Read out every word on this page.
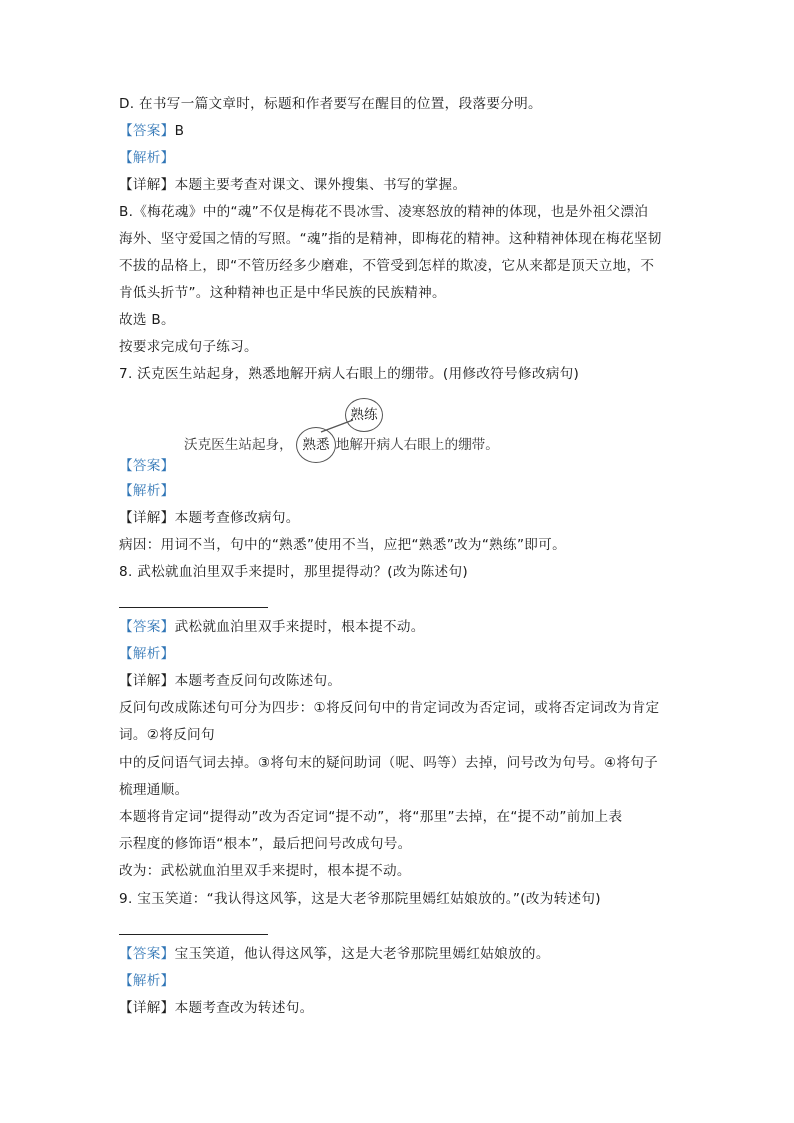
D. 在书写一篇文章时，标题和作者要写在醒目的位置，段落要分明。
【答案】B
【解析】
【详解】本题主要考查对课文、课外搜集、书写的掌握。
B.《梅花魂》中的“魂”不仅是梅花不畏冰雪、凌寒怒放的精神的体现，也是外祖父漂泊
海外、坚守爱国之情的写照。“魂”指的是精神，即梅花的精神。这种精神体现在梅花坚韧
不拔的品格上，即“不管历经多少磨难，不管受到怎样的欺凌，它从来都是顶天立地，不
肯低头折节”。这种精神也正是中华民族的民族精神。
故选 B。
按要求完成句子练习。
7. 沃克医生站起身，熟悉地解开病人右眼上的绷带。(用修改符号修改病句)
沃克医生站起身，	地解开病人右眼上的绷带。
熟悉
熟练
【答案】
【解析】
【详解】本题考查修改病句。
病因：用词不当，句中的“熟悉”使用不当，应把“熟悉”改为“熟练”即可。
8. 武松就血泊里双手来提时，那里提得动？(改为陈述句)
【答案】武松就血泊里双手来提时，根本提不动。
【解析】
【详解】本题考查反问句改陈述句。
反问句改成陈述句可分为四步：①将反问句中的肯定词改为否定词，或将否定词改为肯定
词。②将反问句
中的反问语气词去掉。③将句末的疑问助词（呢、吗等）去掉，问号改为句号。④将句子
梳理通顺。
本题将肯定词“提得动”改为否定词“提不动”，将“那里”去掉，在“提不动”前加上表
示程度的修饰语“根本”，最后把问号改成句号。
改为：武松就血泊里双手来提时，根本提不动。
9. 宝玉笑道：“我认得这风筝，这是大老爷那院里嫣红姑娘放的。”(改为转述句)
【答案】宝玉笑道，他认得这风筝，这是大老爷那院里嫣红姑娘放的。
【解析】
【详解】本题考查改为转述句。
